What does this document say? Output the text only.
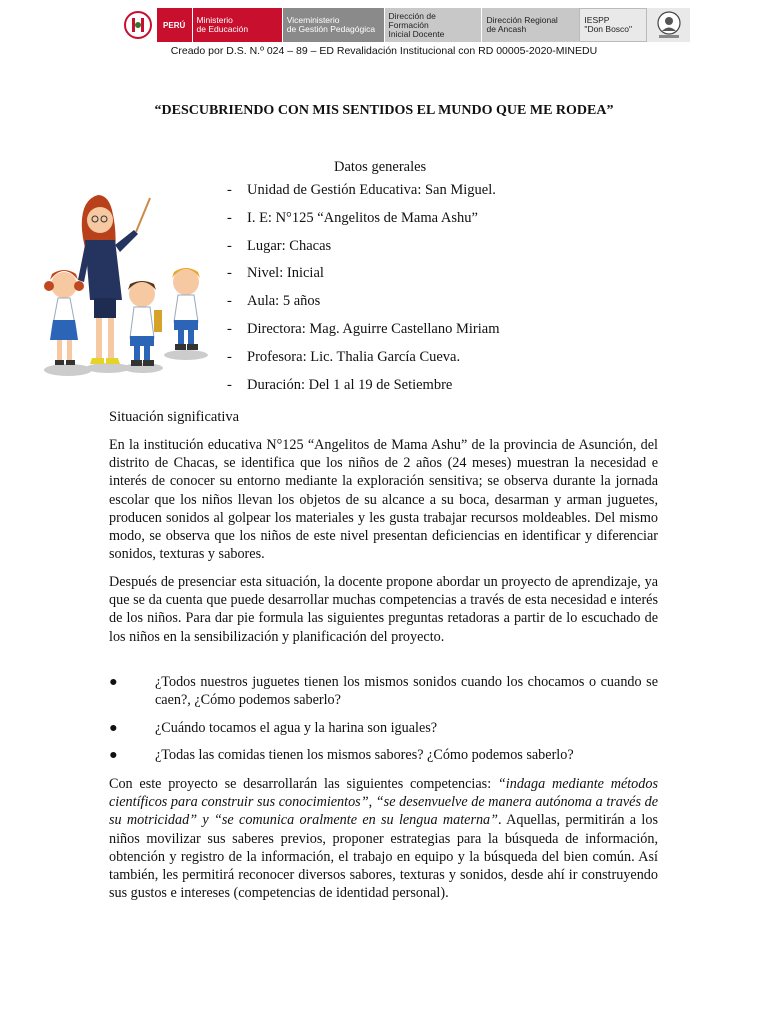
PERÚ	Ministerio
de Educación
Viceministerio
de Gestión Pedagógica
Dirección de Formación
Inicial Docente
Dirección Regional
de Ancash
IESPP
"Don Bosco"
Creado por D.S. N.º 024 – 89 – ED Revalidación Institucional con RD 00005-2020-MINEDU
“DESCUBRIENDO CON MIS SENTIDOS EL MUNDO QUE ME RODEA”
Datos generales
-	Unidad de Gestión Educativa: San Miguel.
-	I. E: N°125 “Angelitos de Mama Ashu”
-	Lugar: Chacas
-	Nivel: Inicial
-	Aula: 5 años
-	Directora: Mag. Aguirre Castellano Miriam
-	Profesora: Lic. Thalia García Cueva.
-	Duración: Del 1 al 19 de Setiembre
Situación significativa

En la institución educativa N°125 “Angelitos de Mama Ashu” de la provincia de Asunción, del distrito de Chacas, se identifica que los niños de 2 años (24 meses) muestran la necesidad e interés de conocer su entorno mediante la exploración sensitiva; se observa durante la jornada escolar que los niños llevan los objetos de su alcance a su boca, desarman y arman juguetes, producen sonidos al golpear los materiales y les gusta trabajar recursos moldeables. Del mismo modo, se observa que los niños de este nivel presentan deficiencias en identificar y diferenciar sonidos, texturas y sabores.

Después de presenciar esta situación, la docente propone abordar un proyecto de aprendizaje, ya que se da cuenta que puede desarrollar muchas competencias a través de esta necesidad e interés de los niños. Para dar pie formula las siguientes preguntas retadoras a partir de lo escuchado de los niños en la sensibilización y planificación del proyecto.

●	¿Todos nuestros juguetes tienen los mismos sonidos cuando los chocamos o cuando se caen?, ¿Cómo podemos saberlo?
●	¿Cuándo tocamos el agua y la harina son iguales?
●	¿Todas las comidas tienen los mismos sabores? ¿Cómo podemos saberlo?

Con este proyecto se desarrollarán las siguientes competencias: “indaga mediante métodos científicos para construir sus conocimientos”, “se desenvuelve de manera autónoma a través de su motricidad” y “se comunica oralmente en su lengua materna”. Aquellas, permitirán a los niños movilizar sus saberes previos, proponer estrategias para la búsqueda de información, obtención y registro de la información, el trabajo en equipo y la búsqueda del bien común. Así también, les permitirá reconocer diversos sabores, texturas y sonidos, desde ahí ir construyendo sus gustos e intereses (competencias de identidad personal).
